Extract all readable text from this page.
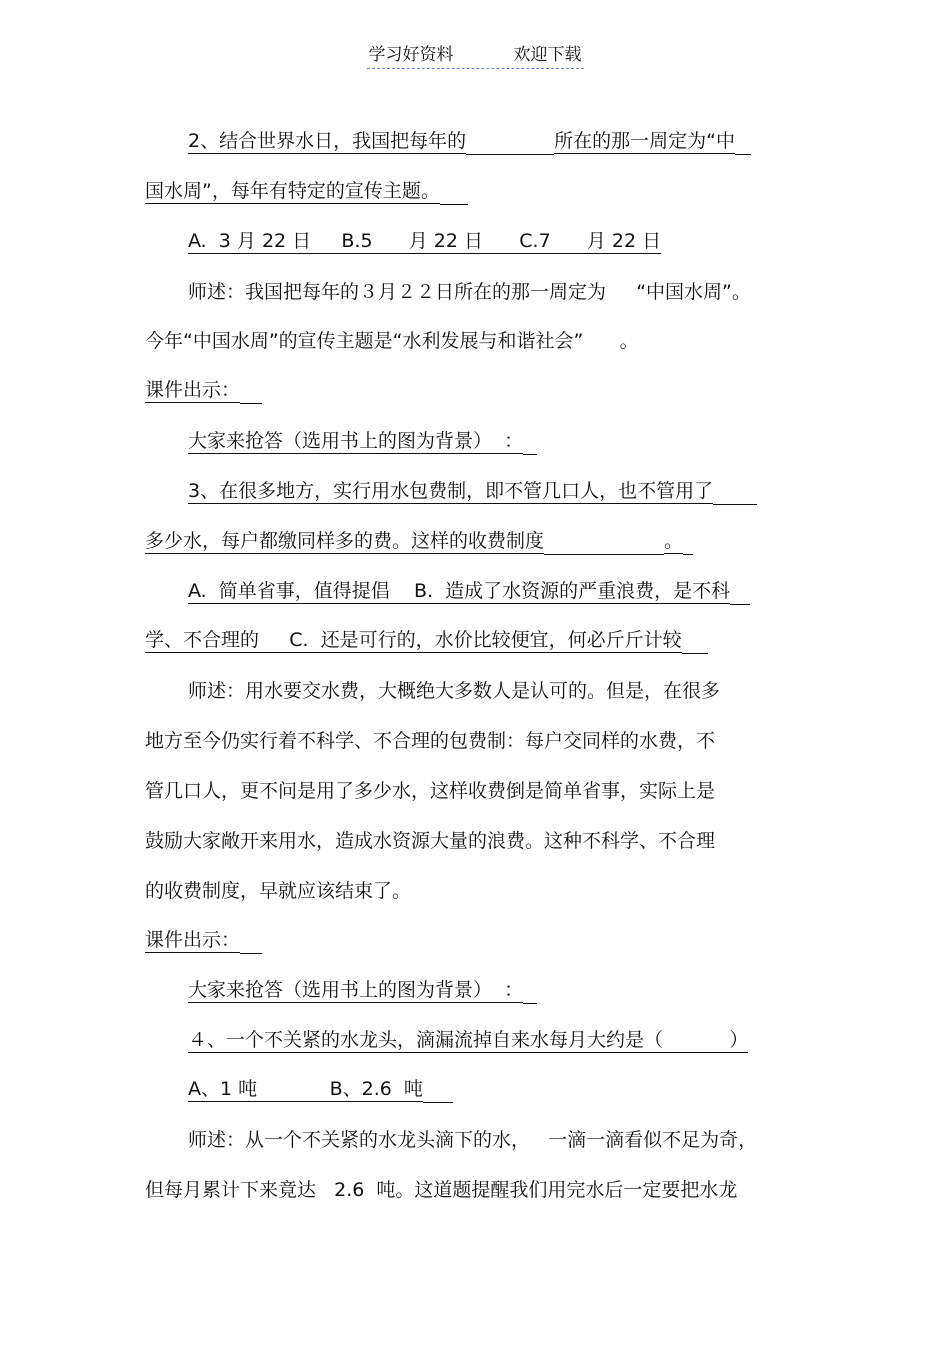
学习好资料	欢迎下载
2、结合世界水日，我国把每年的	所在的那一周定为“中
国水周”，每年有特定的宣传主题。
A.  3 月 22 日     B.5      月 22 日      C.7      月 22 日
师述：我国把每年的３月２２日所在的那一周定为     “中国水周”。
今年“中国水周”的宣传主题是“水利发展与和谐社会”      。
课件出示：
大家来抢答（选用书上的图为背景）  ：
3、在很多地方，实行用水包费制，即不管几口人，也不管用了
多少水，每户都缴同样多的费。这样的收费制度	。
A.  简单省事，值得提倡    B.  造成了水资源的严重浪费，是不科
学、不合理的     C.  还是可行的，水价比较便宜，何必斤斤计较
师述：用水要交水费，大概绝大多数人是认可的。但是，在很多
地方至今仍实行着不科学、不合理的包费制：每户交同样的水费，不
管几口人，更不问是用了多少水，这样收费倒是简单省事，实际上是
鼓励大家敞开来用水，造成水资源大量的浪费。这种不科学、不合理
的收费制度，早就应该结束了。
课件出示：
大家来抢答（选用书上的图为背景）  ：
４、一个不关紧的水龙头，滴漏流掉自来水每月大约是（           ）
A、1 吨            B、2.6  吨
师述：从一个不关紧的水龙头滴下的水，   一滴一滴看似不足为奇，
但每月累计下来竟达   2.6  吨。这道题提醒我们用完水后一定要把水龙
